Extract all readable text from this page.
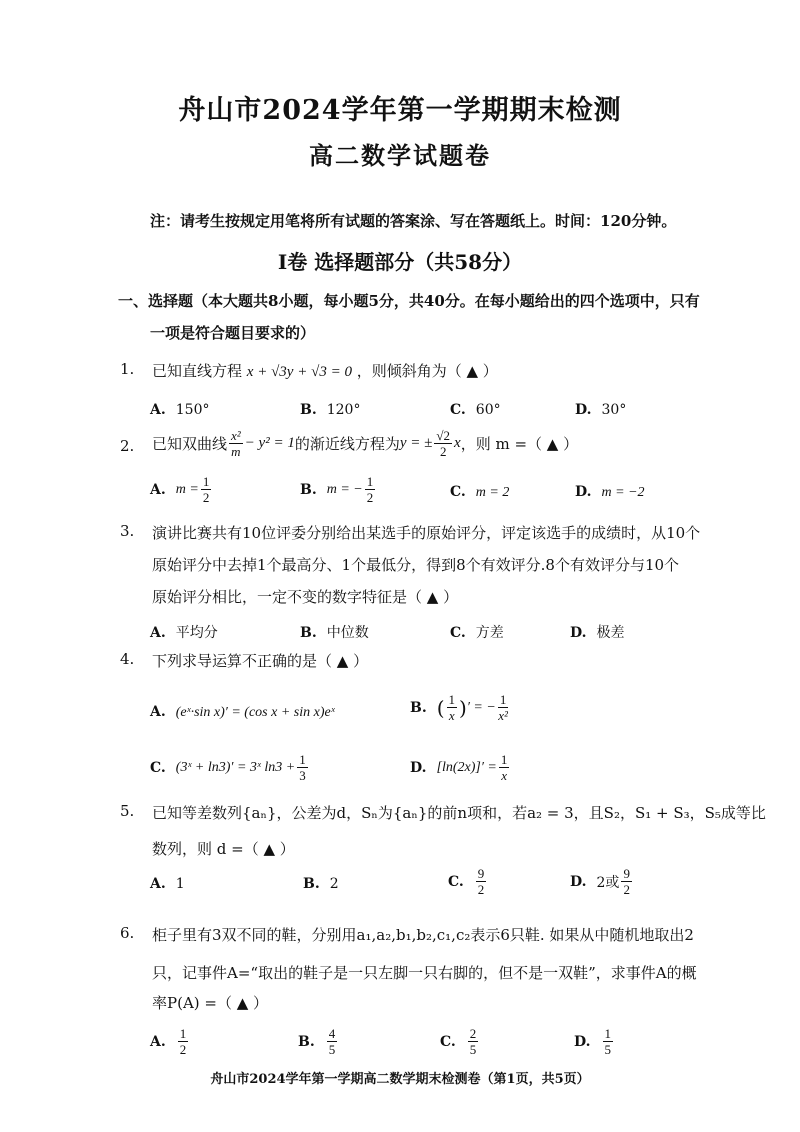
舟山市2024学年第一学期期末检测
高二数学试题卷
注：请考生按规定用笔将所有试题的答案涂、写在答题纸上。时间：120分钟。
Ⅰ卷 选择题部分（共58分）
一、选择题（本大题共8小题，每小题5分，共40分。在每小题给出的四个选项中，只有
一项是符合题目要求的）
1. 已知直线方程 x + √3y + √3 = 0 ，则倾斜角为（ ▲ ）
A. 150°	B. 120°	C. 60°	D. 30°
2. 已知双曲线 $\frac{\text{x²}}{m} - y^2 = 1$ 的渐近线方程为 y = ± $\frac{√2}{2}$ x ，则 m =（ ▲ ）
A. $m = \frac{1}{2}$	B. m = − $\frac{1}{2}$	C. m = 2	D. m = −2
3. 演讲比赛共有10位评委分别给出某选手的原始评分，评定该选手的成绩时，从10个
原始评分中去掉1个最高分、1个最低分，得到8个有效评分.8个有效评分与10个
原始评分相比，一定不变的数字特征是（ ▲ ）
A. 平均分	B. 中位数	C. 方差	D. 极差
4. 下列求导运算不正确的是（ ▲ ）
A. (eˣ·sin x)′ = (cos x + sin x)eˣ	B. ( $\frac{1}{x}$ ) ′ = − $\frac{1}{\text{x²}}$
C. (3ˣ + ln3)′ = 3ˣ $\ln 3 + \frac{1}{3}$	D. $[\ln(2x)]' = \frac{1}{x}$
5. 已知等差数列{aₙ}，公差为d，Sₙ为{aₙ}的前n项和，若a₂ = 3，且S₂，S₁ + S₃，S₅成等比
数列，则 d =（ ▲ ）
A. 1	B. 2	C. $\frac{9}{2}$	D. 2或 $\frac{9}{2}$
6. 柜子里有3双不同的鞋，分别用a₁,a₂,b₁,b₂,c₁,c₂表示6只鞋. 如果从中随机地取出2
只，记事件A=“取出的鞋子是一只左脚一只右脚的，但不是一双鞋”，求事件A的概
率P(A) =（ ▲ ）
A. $\frac{1}{2}$	B. $\frac{4}{5}$	C. $\frac{2}{5}$	D. $\frac{1}{5}$
舟山市2024学年第一学期高二数学期末检测卷（第1页，共5页）
